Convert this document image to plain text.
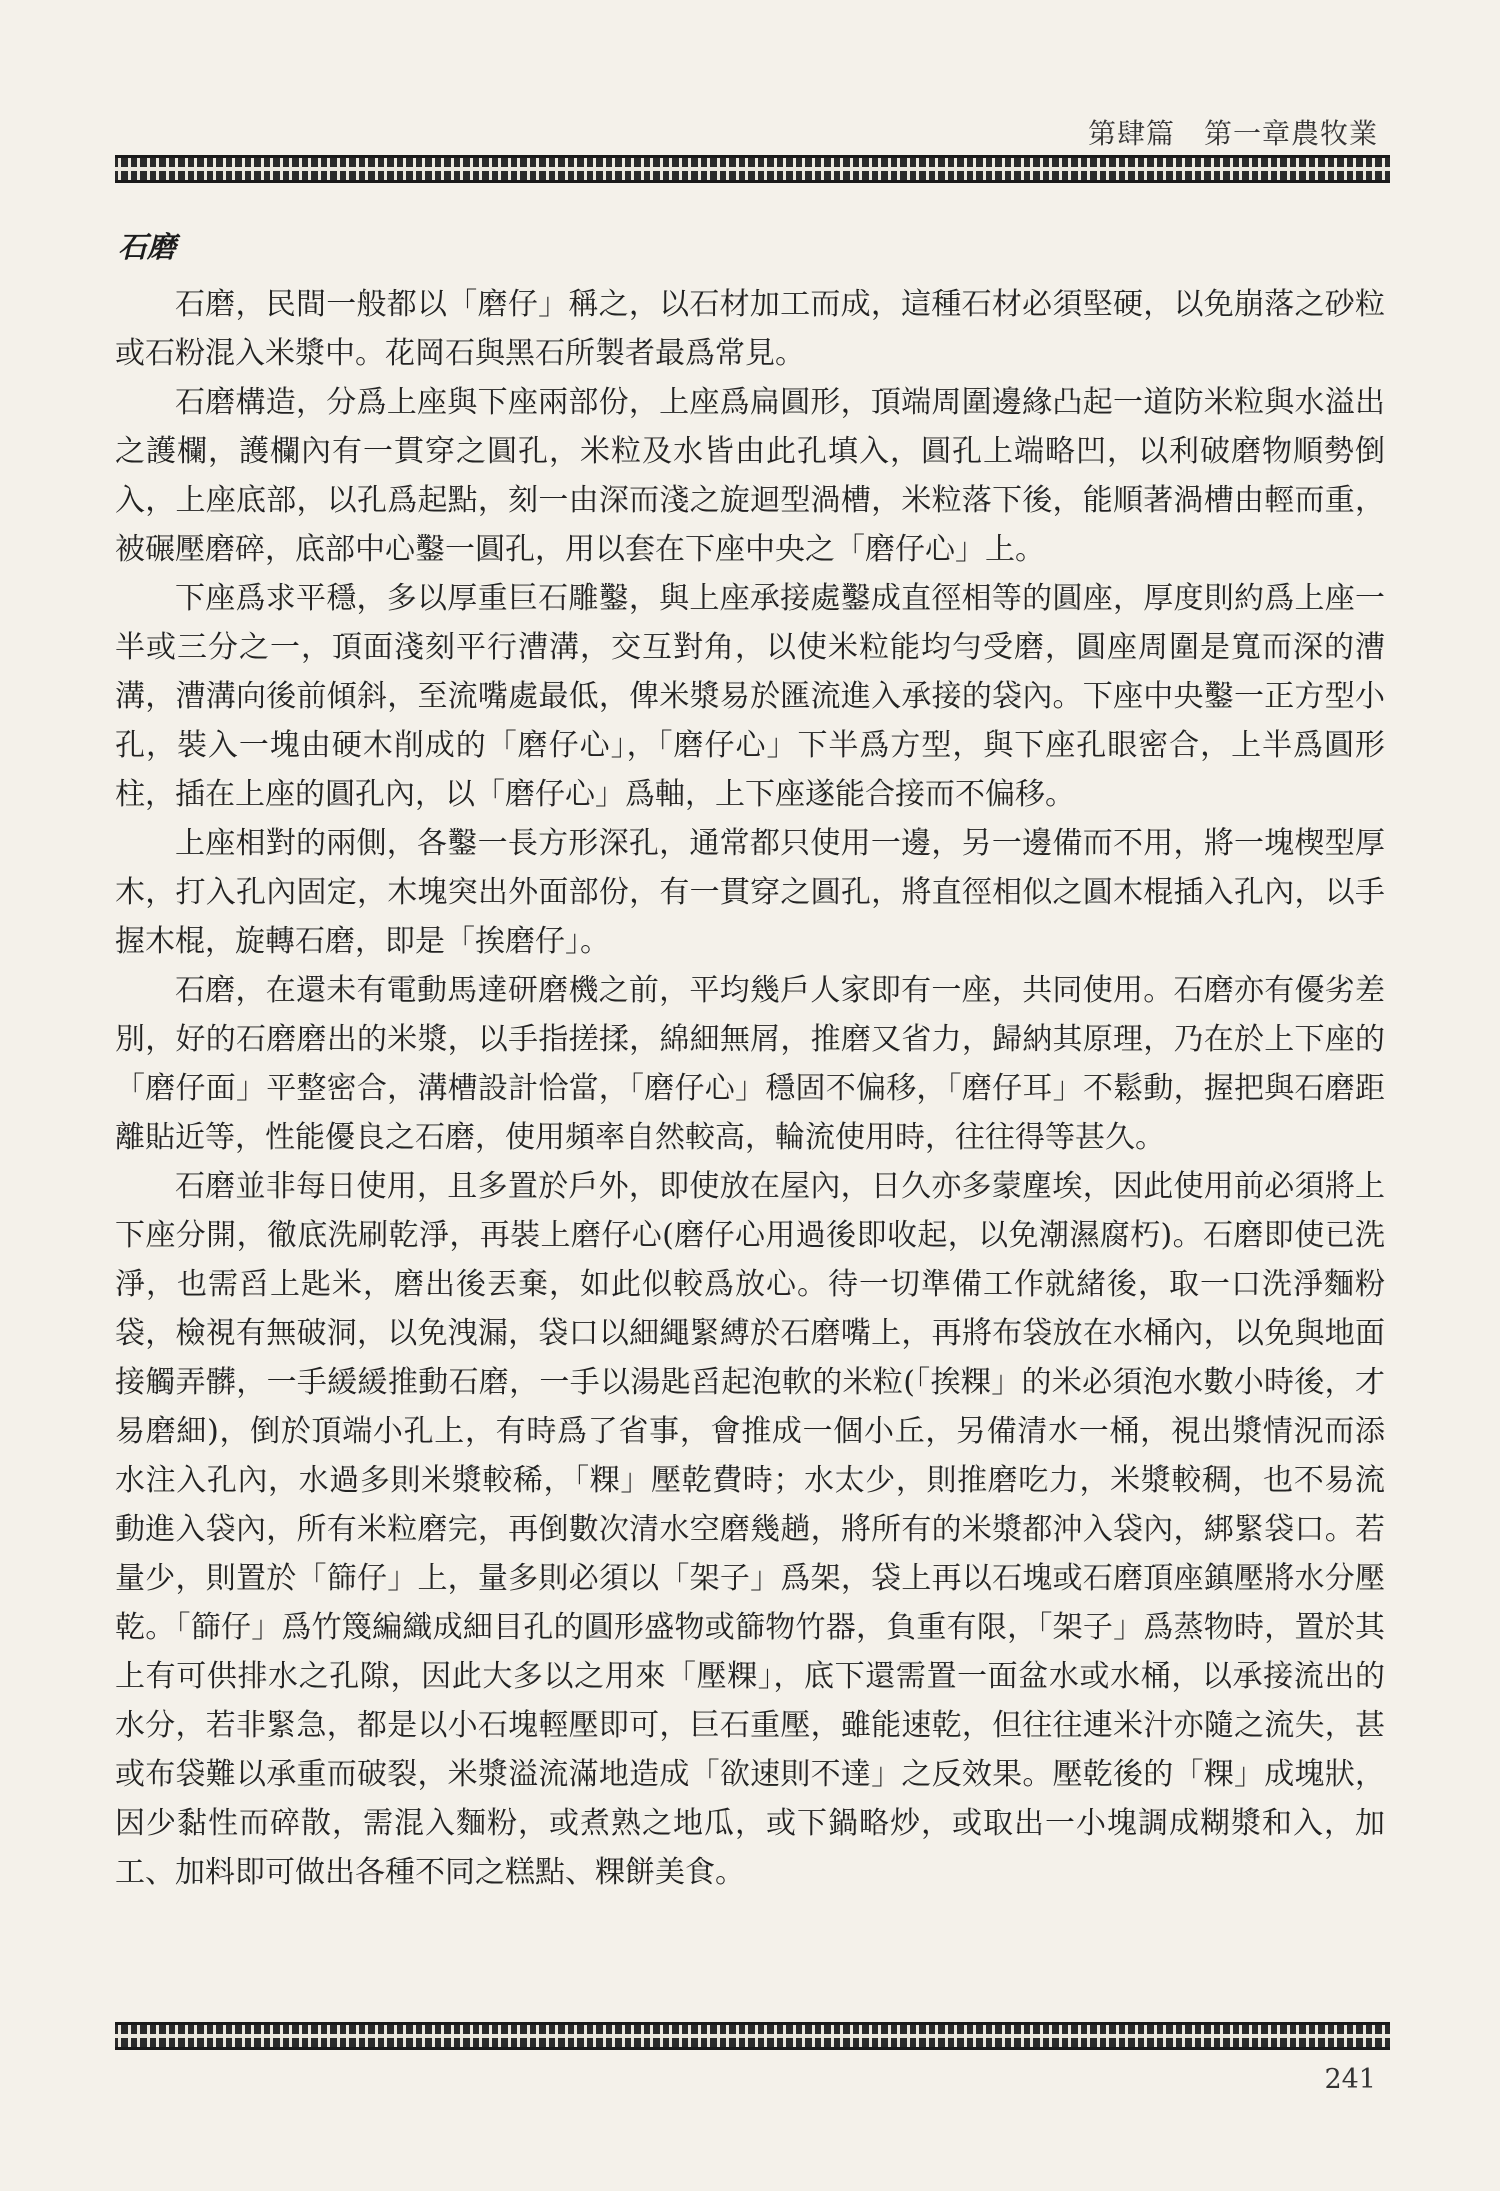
第肆篇　第一章農牧業
石磨

石磨，民間一般都以「磨仔」稱之，以石材加工而成，這種石材必須堅硬，以免崩落之砂粒或石粉混入米漿中。花岡石與黑石所製者最爲常見。

石磨構造，分爲上座與下座兩部份，上座爲扁圓形，頂端周圍邊緣凸起一道防米粒與水溢出之護欄，護欄內有一貫穿之圓孔，米粒及水皆由此孔填入，圓孔上端略凹，以利破磨物順勢倒入，上座底部，以孔爲起點，刻一由深而淺之旋迴型渦槽，米粒落下後，能順著渦槽由輕而重，被碾壓磨碎，底部中心鑿一圓孔，用以套在下座中央之「磨仔心」上。

下座爲求平穩，多以厚重巨石雕鑿，與上座承接處鑿成直徑相等的圓座，厚度則約爲上座一半或三分之一，頂面淺刻平行漕溝，交互對角，以使米粒能均勻受磨，圓座周圍是寬而深的漕溝，漕溝向後前傾斜，至流嘴處最低，俾米漿易於匯流進入承接的袋內。下座中央鑿一正方型小孔，裝入一塊由硬木削成的「磨仔心」，「磨仔心」下半爲方型，與下座孔眼密合，上半爲圓形柱，插在上座的圓孔內，以「磨仔心」爲軸，上下座遂能合接而不偏移。

上座相對的兩側，各鑿一長方形深孔，通常都只使用一邊，另一邊備而不用，將一塊楔型厚木，打入孔內固定，木塊突出外面部份，有一貫穿之圓孔，將直徑相似之圓木棍插入孔內，以手握木棍，旋轉石磨，即是「挨磨仔」。

石磨，在還未有電動馬達研磨機之前，平均幾戶人家即有一座，共同使用。石磨亦有優劣差別，好的石磨磨出的米漿，以手指搓揉，綿細無屑，推磨又省力，歸納其原理，乃在於上下座的「磨仔面」平整密合，溝槽設計恰當，「磨仔心」穩固不偏移，「磨仔耳」不鬆動，握把與石磨距離貼近等，性能優良之石磨，使用頻率自然較高，輪流使用時，往往得等甚久。

石磨並非每日使用，且多置於戶外，即使放在屋內，日久亦多蒙塵埃，因此使用前必須將上下座分開，徹底洗刷乾淨，再裝上磨仔心(磨仔心用過後即收起，以免潮濕腐朽)。石磨即使已洗淨，也需舀上匙米，磨出後丟棄，如此似較爲放心。待一切準備工作就緒後，取一口洗淨麵粉袋，檢視有無破洞，以免洩漏，袋口以細繩緊縛於石磨嘴上，再將布袋放在水桶內，以免與地面接觸弄髒，一手緩緩推動石磨，一手以湯匙舀起泡軟的米粒(「挨粿」的米必須泡水數小時後，才易磨細)，倒於頂端小孔上，有時爲了省事，會推成一個小丘，另備清水一桶，視出漿情況而添水注入孔內，水過多則米漿較稀，「粿」壓乾費時；水太少，則推磨吃力，米漿較稠，也不易流動進入袋內，所有米粒磨完，再倒數次清水空磨幾趟，將所有的米漿都沖入袋內，綁緊袋口。若量少，則置於「篩仔」上，量多則必須以「架子」爲架，袋上再以石塊或石磨頂座鎮壓將水分壓乾。「篩仔」爲竹篾編織成細目孔的圓形盛物或篩物竹器，負重有限，「架子」爲蒸物時，置於其上有可供排水之孔隙，因此大多以之用來「壓粿」，底下還需置一面盆水或水桶，以承接流出的水分，若非緊急，都是以小石塊輕壓即可，巨石重壓，雖能速乾，但往往連米汁亦隨之流失，甚或布袋難以承重而破裂，米漿溢流滿地造成「欲速則不達」之反效果。壓乾後的「粿」成塊狀，因少黏性而碎散，需混入麵粉，或煮熟之地瓜，或下鍋略炒，或取出一小塊調成糊漿和入，加工、加料即可做出各種不同之糕點、粿餅美食。

241
